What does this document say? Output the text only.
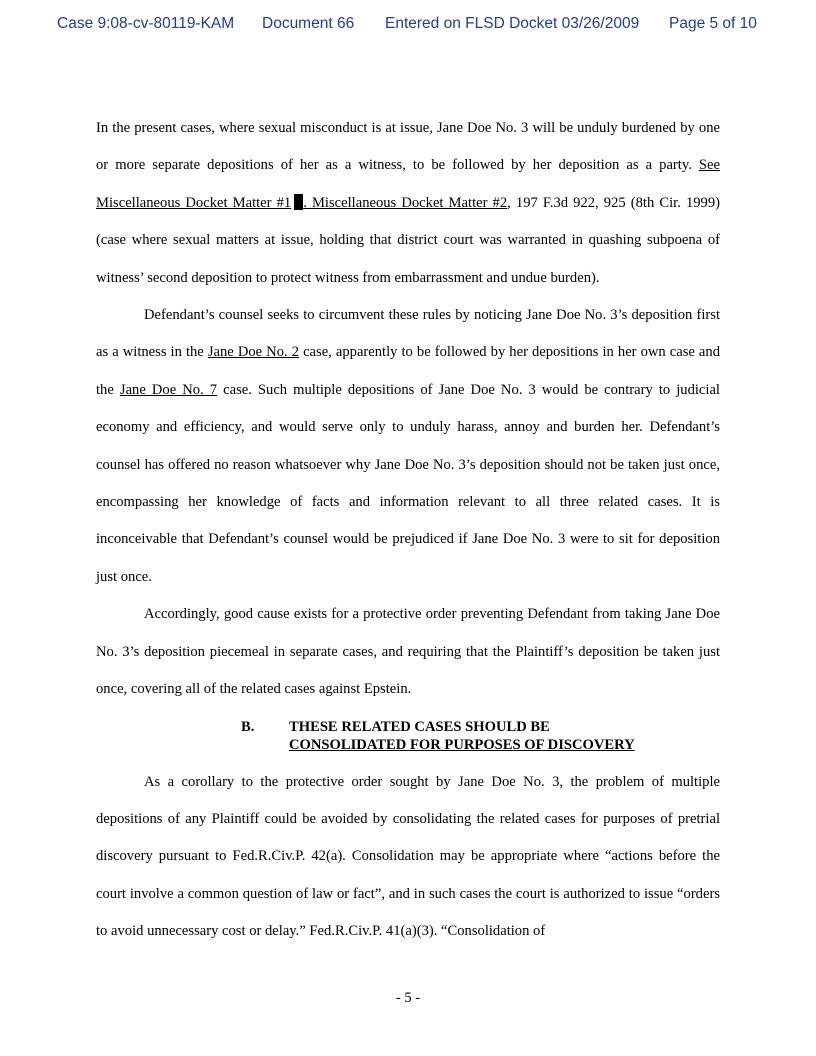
Case 9:08-cv-80119-KAM Document 66 Entered on FLSD Docket 03/26/2009 Page 5 of 10

In the present cases, where sexual misconduct is at issue, Jane Doe No. 3 will be unduly burdened by one or more separate depositions of her as a witness, to be followed by her deposition as a party. See Miscellaneous Docket Matter #1 . Miscellaneous Docket Matter #2, 197 F.3d 922, 925 (8th Cir. 1999) (case where sexual matters at issue, holding that district court was warranted in quashing subpoena of witness’ second deposition to protect witness from embarrassment and undue burden).

Defendant’s counsel seeks to circumvent these rules by noticing Jane Doe No. 3’s deposition first as a witness in the Jane Doe No. 2 case, apparently to be followed by her depositions in her own case and the Jane Doe No. 7 case. Such multiple depositions of Jane Doe No. 3 would be contrary to judicial economy and efficiency, and would serve only to unduly harass, annoy and burden her. Defendant’s counsel has offered no reason whatsoever why Jane Doe No. 3’s deposition should not be taken just once, encompassing her knowledge of facts and information relevant to all three related cases. It is inconceivable that Defendant’s counsel would be prejudiced if Jane Doe No. 3 were to sit for deposition just once.

Accordingly, good cause exists for a protective order preventing Defendant from taking Jane Doe No. 3’s deposition piecemeal in separate cases, and requiring that the Plaintiff’s deposition be taken just once, covering all of the related cases against Epstein.

B. THESE RELATED CASES SHOULD BE
CONSOLIDATED FOR PURPOSES OF DISCOVERY

As a corollary to the protective order sought by Jane Doe No. 3, the problem of multiple depositions of any Plaintiff could be avoided by consolidating the related cases for purposes of pretrial discovery pursuant to Fed.R.Civ.P. 42(a). Consolidation may be appropriate where “actions before the court involve a common question of law or fact”, and in such cases the court is authorized to issue “orders to avoid unnecessary cost or delay.” Fed.R.Civ.P. 41(a)(3). “Consolidation of

- 5 -
